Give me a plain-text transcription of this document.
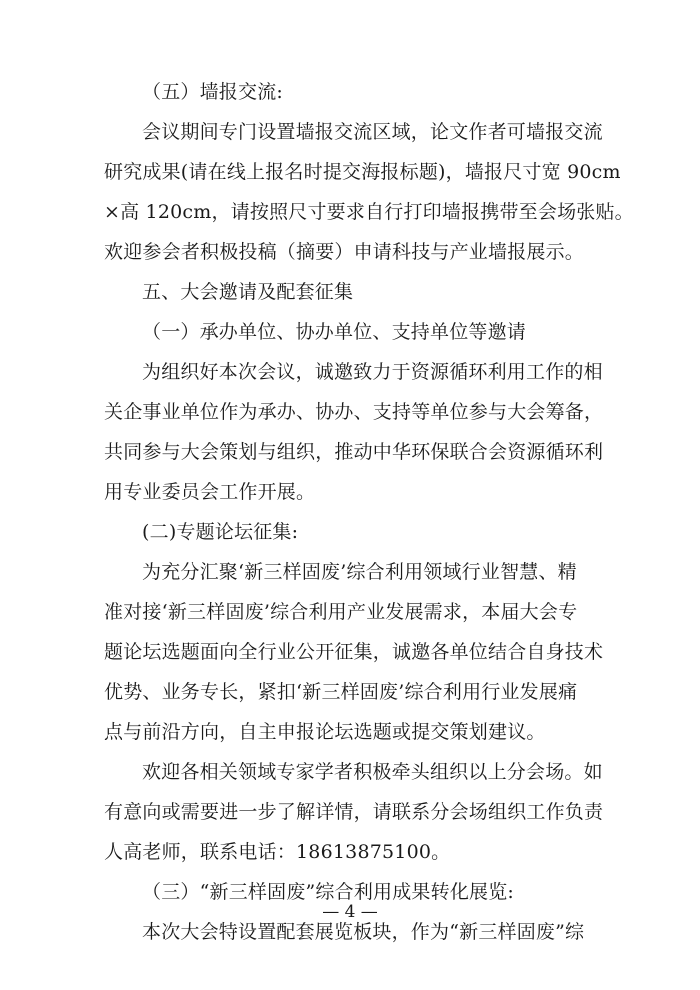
（五）墙报交流:
会议期间专门设置墙报交流区域，论文作者可墙报交流
研究成果(请在线上报名时提交海报标题)，墙报尺寸宽 90cm
×高 120cm，请按照尺寸要求自行打印墙报携带至会场张贴。
欢迎参会者积极投稿（摘要）申请科技与产业墙报展示。
五、大会邀请及配套征集
（一）承办单位、协办单位、支持单位等邀请
为组织好本次会议，诚邀致力于资源循环利用工作的相
关企事业单位作为承办、协办、支持等单位参与大会筹备，
共同参与大会策划与组织，推动中华环保联合会资源循环利
用专业委员会工作开展。
(二)专题论坛征集:
为充分汇聚‘新三样固废’综合利用领域行业智慧、精
准对接‘新三样固废’综合利用产业发展需求，本届大会专
题论坛选题面向全行业公开征集，诚邀各单位结合自身技术
优势、业务专长，紧扣‘新三样固废’综合利用行业发展痛
点与前沿方向，自主申报论坛选题或提交策划建议。
欢迎各相关领域专家学者积极牵头组织以上分会场。如
有意向或需要进一步了解详情，请联系分会场组织工作负责
人高老师，联系电话：18613875100。
（三）“新三样固废”综合利用成果转化展览:
本次大会特设置配套展览板块，作为“新三样固废”综
— 4 —
